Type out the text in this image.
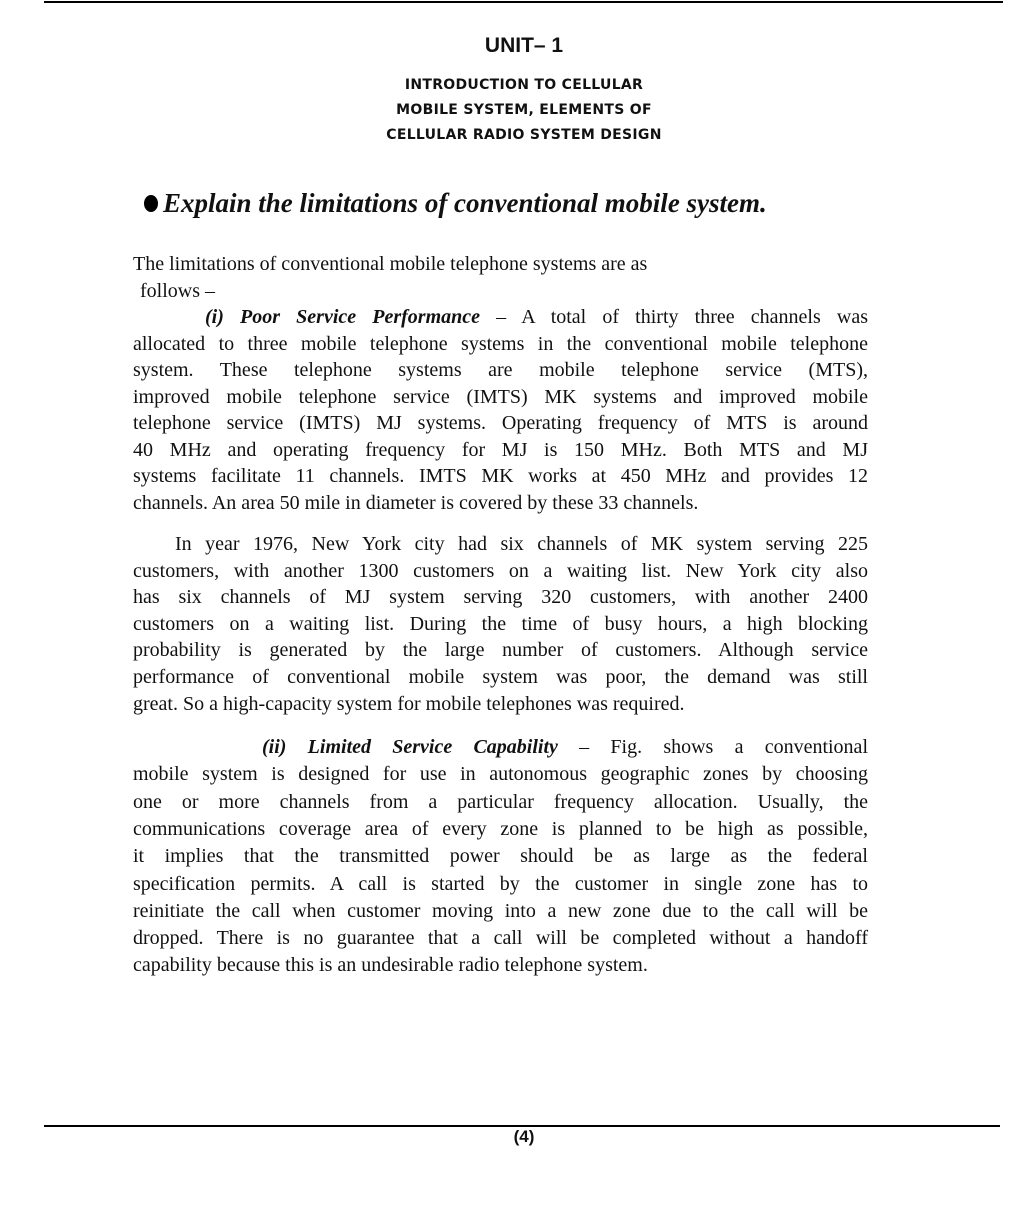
UNIT– 1
INTRODUCTION TO CELLULAR
MOBILE SYSTEM, ELEMENTS OF
CELLULAR RADIO SYSTEM DESIGN
Explain the limitations of conventional mobile system.
The limitations of conventional mobile telephone systems are as
follows –
(i) Poor Service Performance – A total of thirty three channels was
allocated to three mobile telephone systems in the conventional mobile telephone
system. These telephone systems are mobile telephone service (MTS),
improved mobile telephone service (IMTS) MK systems and improved mobile
telephone service (IMTS) MJ systems. Operating frequency of MTS is around
40 MHz and operating frequency for MJ is 150 MHz. Both MTS and MJ
systems facilitate 11 channels. IMTS MK works at 450 MHz and provides 12
channels. An area 50 mile in diameter is covered by these 33 channels.
In year 1976, New York city had six channels of MK system serving 225
customers, with another 1300 customers on a waiting list. New York city also
has six channels of MJ system serving 320 customers, with another 2400
customers on a waiting list. During the time of busy hours, a high blocking
probability is generated by the large number of customers. Although service
performance of conventional mobile system was poor, the demand was still
great. So a high-capacity system for mobile telephones was required.
(ii) Limited Service Capability – Fig. shows a conventional
mobile system is designed for use in autonomous geographic zones by choosing
one or more channels from a particular frequency allocation. Usually, the
communications coverage area of every zone is planned to be high as possible,
it implies that the transmitted power should be as large as the federal
specification permits. A call is started by the customer in single zone has to
reinitiate the call when customer moving into a new zone due to the call will be
dropped. There is no guarantee that a call will be completed without a handoff
capability because this is an undesirable radio telephone system.
(4)
